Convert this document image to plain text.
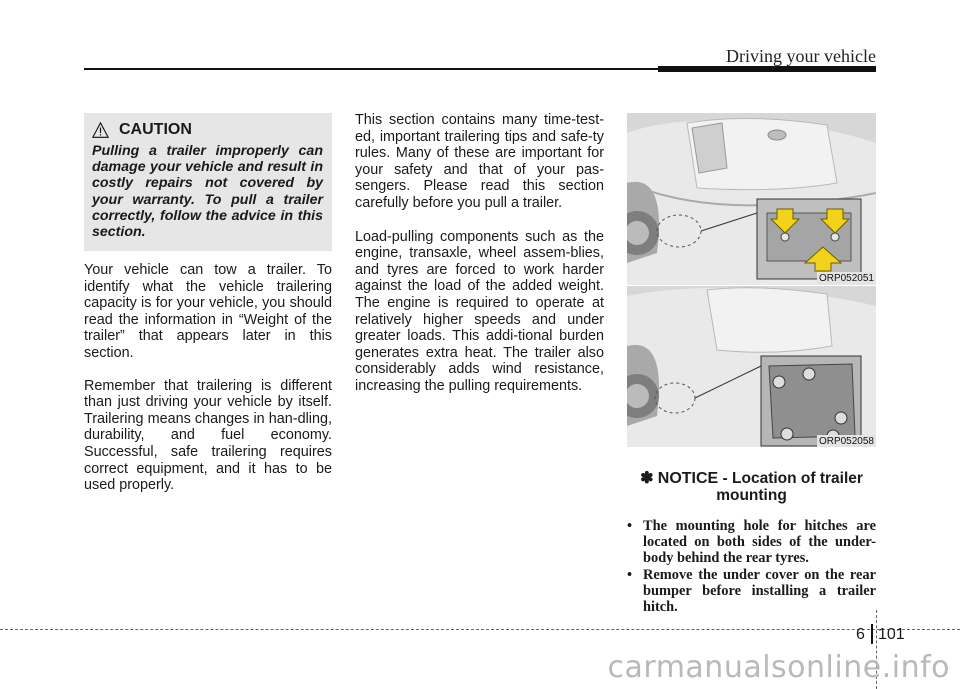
Driving your vehicle
CAUTION

Pulling a trailer improperly can damage your vehicle and result in costly repairs not covered by your warranty. To pull a trailer correctly, follow the advice in this section.

Your vehicle can tow a trailer. To identify what the vehicle trailering capacity is for your vehicle, you should read the information in “Weight of the trailer” that appears later in this section.

Remember that trailering is different than just driving your vehicle by itself. Trailering means changes in han-dling, durability, and fuel economy. Successful, safe trailering requires correct equipment, and it has to be used properly.

This section contains many time-test-ed, important trailering tips and safe-ty rules. Many of these are important for your safety and that of your pas-sengers. Please read this section carefully before you pull a trailer.

Load-pulling components such as the engine, transaxle, wheel assem-blies, and tyres are forced to work harder against the load of the added weight. The engine is required to operate at relatively higher speeds and under greater loads. This addi-tional burden generates extra heat. The trailer also considerably adds wind resistance, increasing the pulling requirements.

ORP052051
ORP052058
✽ NOTICE - Location of trailer mounting
• The mounting hole for hitches are located on both sides of the under-body behind the rear tyres.
• Remove the under cover on the rear bumper before installing a trailer hitch.
6 101
carmanualsonline.info
